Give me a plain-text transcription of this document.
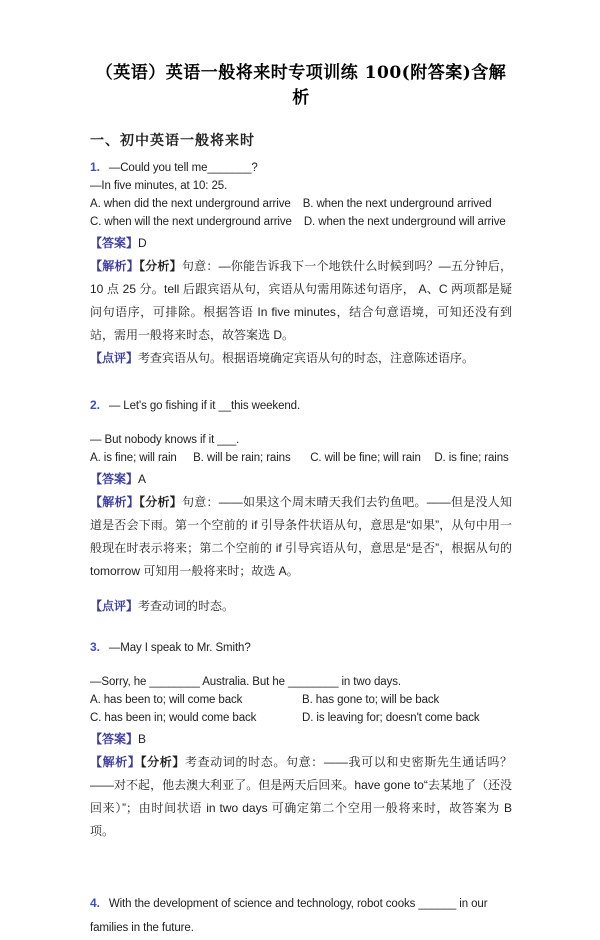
（英语）英语一般将来时专项训练 100(附答案)含解析
一、初中英语一般将来时
1. —Could you tell me_______?
—In five minutes, at 10: 25.
A. when did the next underground arrive	B. when the next underground arrived
C. when will the next underground arrive	D. when the next underground will arrive
【答案】D

【解析】【分析】句意：—你能告诉我下一个地铁什么时候到吗？—五分钟后，10 点 25 分。tell 后跟宾语从句，宾语从句需用陈述句语序， A、C 两项都是疑问句语序，可排除。根据答语 In five minutes，结合句意语境，可知还没有到站，需用一般将来时态，故答案选 D。

【点评】考查宾语从句。根据语境确定宾语从句的时态，注意陈述语序。

2. — Let's go fishing if it __this weekend.
— But nobody knows if it ___.
A. is fine; will rain B. will be rain; rains C. will be fine; will rain D. is fine; rains
【答案】A

【解析】【分析】句意：——如果这个周末晴天我们去钓鱼吧。——但是没人知道是否会下雨。第一个空前的 if 引导条件状语从句，意思是“如果”，从句中用一般现在时表示将来；第二个空前的 if 引导宾语从句，意思是“是否”，根据从句的 tomorrow 可知用一般将来时；故选 A。

【点评】考查动词的时态。

3. —May I speak to Mr. Smith?
—Sorry, he ________ Australia. But he ________ in two days.
A. has been to; will come back	B. has gone to; will be back
C. has been in; would come back	D. is leaving for; doesn't come back
【答案】B

【解析】【分析】考查动词的时态。句意：——我可以和史密斯先生通话吗？——对不起，他去澳大利亚了。但是两天后回来。have gone to“去某地了（还没回来）”；由时间状语 in two days 可确定第二个空用一般将来时，故答案为 B 项。

4. With the development of science and technology, robot cooks ______ in our families in the future.
